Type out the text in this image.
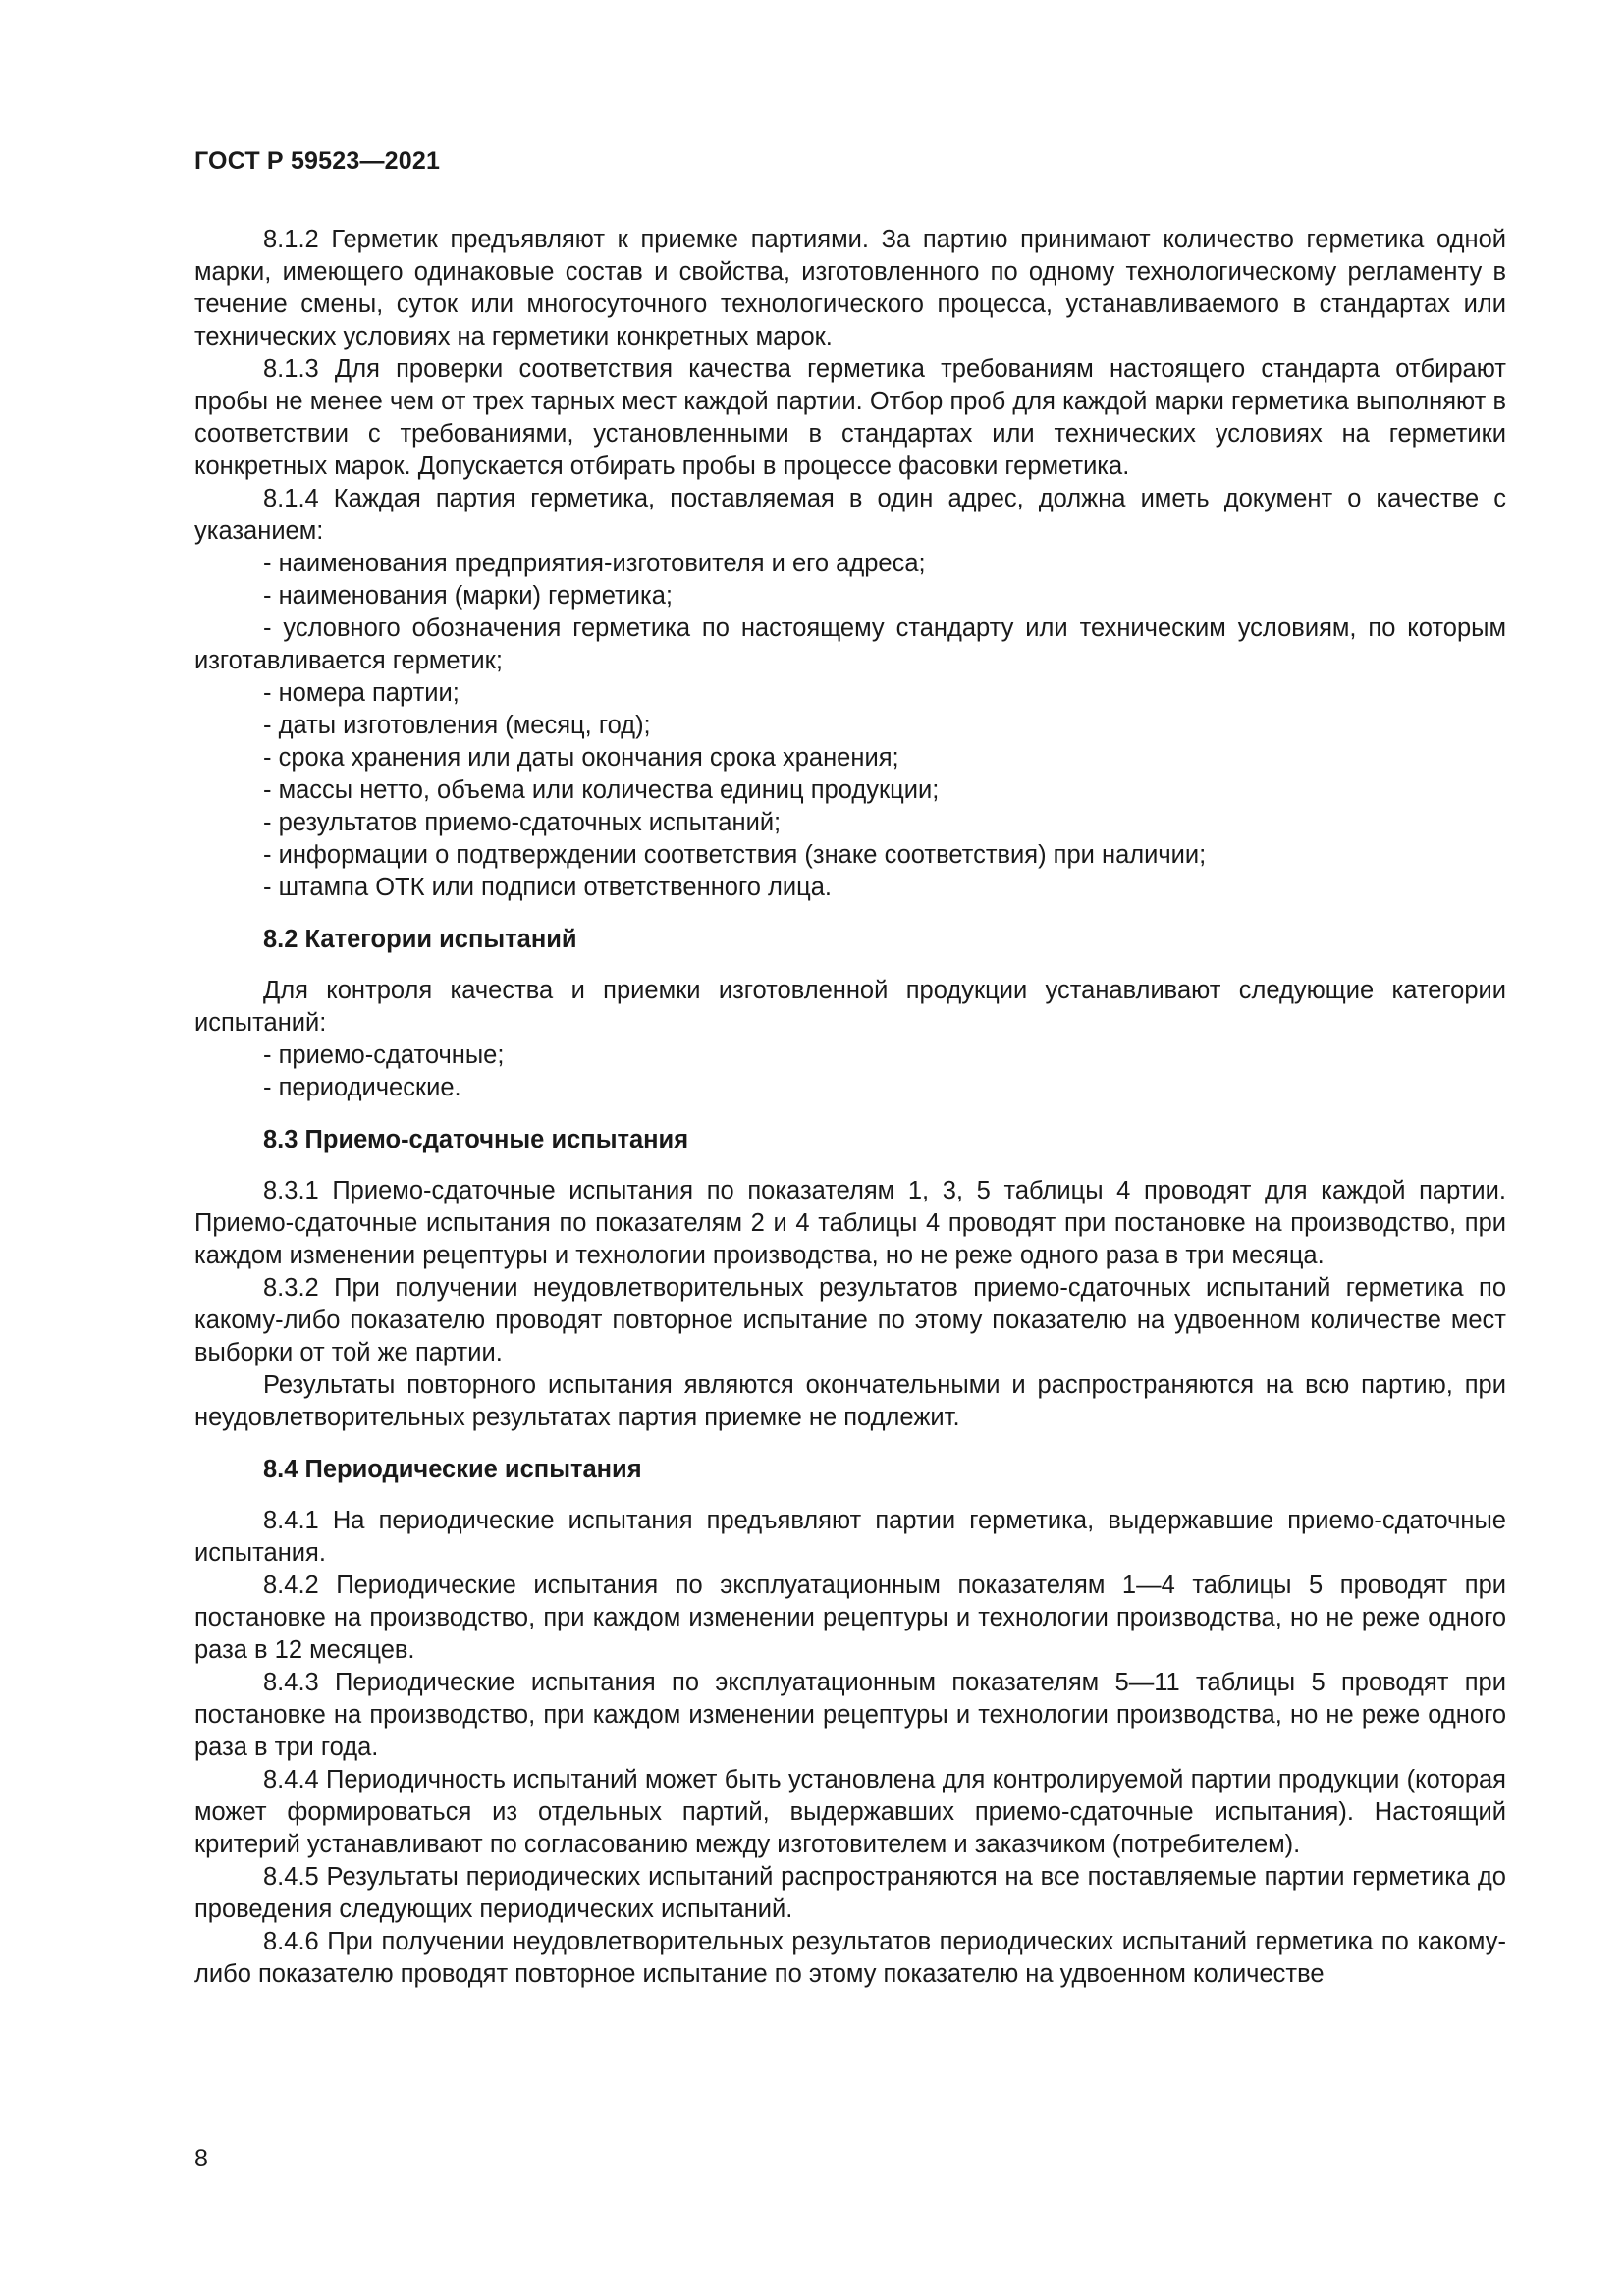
ГОСТ Р 59523—2021

8.1.2 Герметик предъявляют к приемке партиями. За партию принимают количество герметика одной марки, имеющего одинаковые состав и свойства, изготовленного по одному технологическому регламенту в течение смены, суток или многосуточного технологического процесса, устанавливаемого в стандартах или технических условиях на герметики конкретных марок.

8.1.3 Для проверки соответствия качества герметика требованиям настоящего стандарта отбирают пробы не менее чем от трех тарных мест каждой партии. Отбор проб для каждой марки герметика выполняют в соответствии с требованиями, установленными в стандартах или технических условиях на герметики конкретных марок. Допускается отбирать пробы в процессе фасовки герметика.

8.1.4 Каждая партия герметика, поставляемая в один адрес, должна иметь документ о качестве с указанием:

- наименования предприятия-изготовителя и его адреса;

- наименования (марки) герметика;

- условного обозначения герметика по настоящему стандарту или техническим условиям, по которым изготавливается герметик;

- номера партии;

- даты изготовления (месяц, год);

- срока хранения или даты окончания срока хранения;

- массы нетто, объема или количества единиц продукции;

- результатов приемо-сдаточных испытаний;

- информации о подтверждении соответствия (знаке соответствия) при наличии;

- штампа ОТК или подписи ответственного лица.

8.2 Категории испытаний

Для контроля качества и приемки изготовленной продукции устанавливают следующие категории испытаний:

- приемо-сдаточные;

- периодические.

8.3 Приемо-сдаточные испытания

8.3.1 Приемо-сдаточные испытания по показателям 1, 3, 5 таблицы 4 проводят для каждой партии. Приемо-сдаточные испытания по показателям 2 и 4 таблицы 4 проводят при постановке на производство, при каждом изменении рецептуры и технологии производства, но не реже одного раза в три месяца.

8.3.2 При получении неудовлетворительных результатов приемо-сдаточных испытаний герметика по какому-либо показателю проводят повторное испытание по этому показателю на удвоенном количестве мест выборки от той же партии.

Результаты повторного испытания являются окончательными и распространяются на всю партию, при неудовлетворительных результатах партия приемке не подлежит.

8.4 Периодические испытания

8.4.1 На периодические испытания предъявляют партии герметика, выдержавшие приемо-сдаточные испытания.

8.4.2 Периодические испытания по эксплуатационным показателям 1—4 таблицы 5 проводят при постановке на производство, при каждом изменении рецептуры и технологии производства, но не реже одного раза в 12 месяцев.

8.4.3 Периодические испытания по эксплуатационным показателям 5—11 таблицы 5 проводят при постановке на производство, при каждом изменении рецептуры и технологии производства, но не реже одного раза в три года.

8.4.4 Периодичность испытаний может быть установлена для контролируемой партии продукции (которая может формироваться из отдельных партий, выдержавших приемо-сдаточные испытания). Настоящий критерий устанавливают по согласованию между изготовителем и заказчиком (потребителем).

8.4.5 Результаты периодических испытаний распространяются на все поставляемые партии герметика до проведения следующих периодических испытаний.

8.4.6 При получении неудовлетворительных результатов периодических испытаний герметика по какому-либо показателю проводят повторное испытание по этому показателю на удвоенном количестве

8
